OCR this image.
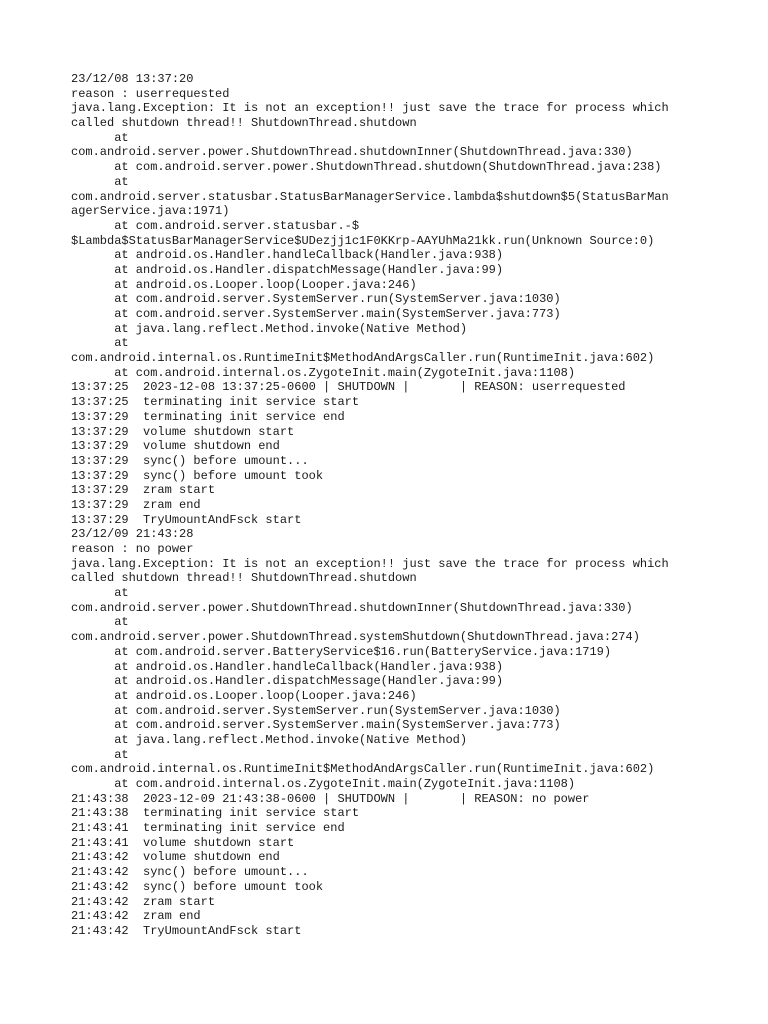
23/12/08 13:37:20
reason : userrequested
java.lang.Exception: It is not an exception!! just save the trace for process which
called shutdown thread!! ShutdownThread.shutdown
at
com.android.server.power.ShutdownThread.shutdownInner(ShutdownThread.java:330)
at com.android.server.power.ShutdownThread.shutdown(ShutdownThread.java:238)
at
com.android.server.statusbar.StatusBarManagerService.lambda$shutdown$5(StatusBarMan
agerService.java:1971)
at com.android.server.statusbar.-$
$Lambda$StatusBarManagerService$UDezjj1c1F0KKrp-AAYUhMa21kk.run(Unknown Source:0)
at android.os.Handler.handleCallback(Handler.java:938)
at android.os.Handler.dispatchMessage(Handler.java:99)
at android.os.Looper.loop(Looper.java:246)
at com.android.server.SystemServer.run(SystemServer.java:1030)
at com.android.server.SystemServer.main(SystemServer.java:773)
at java.lang.reflect.Method.invoke(Native Method)
at
com.android.internal.os.RuntimeInit$MethodAndArgsCaller.run(RuntimeInit.java:602)
at com.android.internal.os.ZygoteInit.main(ZygoteInit.java:1108)
13:37:25  2023-12-08 13:37:25-0600 | SHUTDOWN |       | REASON: userrequested
13:37:25  terminating init service start
13:37:29  terminating init service end
13:37:29  volume shutdown start
13:37:29  volume shutdown end
13:37:29  sync() before umount...
13:37:29  sync() before umount took
13:37:29  zram start
13:37:29  zram end
13:37:29  TryUmountAndFsck start
23/12/09 21:43:28
reason : no power
java.lang.Exception: It is not an exception!! just save the trace for process which
called shutdown thread!! ShutdownThread.shutdown
at
com.android.server.power.ShutdownThread.shutdownInner(ShutdownThread.java:330)
at
com.android.server.power.ShutdownThread.systemShutdown(ShutdownThread.java:274)
at com.android.server.BatteryService$16.run(BatteryService.java:1719)
at android.os.Handler.handleCallback(Handler.java:938)
at android.os.Handler.dispatchMessage(Handler.java:99)
at android.os.Looper.loop(Looper.java:246)
at com.android.server.SystemServer.run(SystemServer.java:1030)
at com.android.server.SystemServer.main(SystemServer.java:773)
at java.lang.reflect.Method.invoke(Native Method)
at
com.android.internal.os.RuntimeInit$MethodAndArgsCaller.run(RuntimeInit.java:602)
at com.android.internal.os.ZygoteInit.main(ZygoteInit.java:1108)
21:43:38  2023-12-09 21:43:38-0600 | SHUTDOWN |       | REASON: no power
21:43:38  terminating init service start
21:43:41  terminating init service end
21:43:41  volume shutdown start
21:43:42  volume shutdown end
21:43:42  sync() before umount...
21:43:42  sync() before umount took
21:43:42  zram start
21:43:42  zram end
21:43:42  TryUmountAndFsck start
